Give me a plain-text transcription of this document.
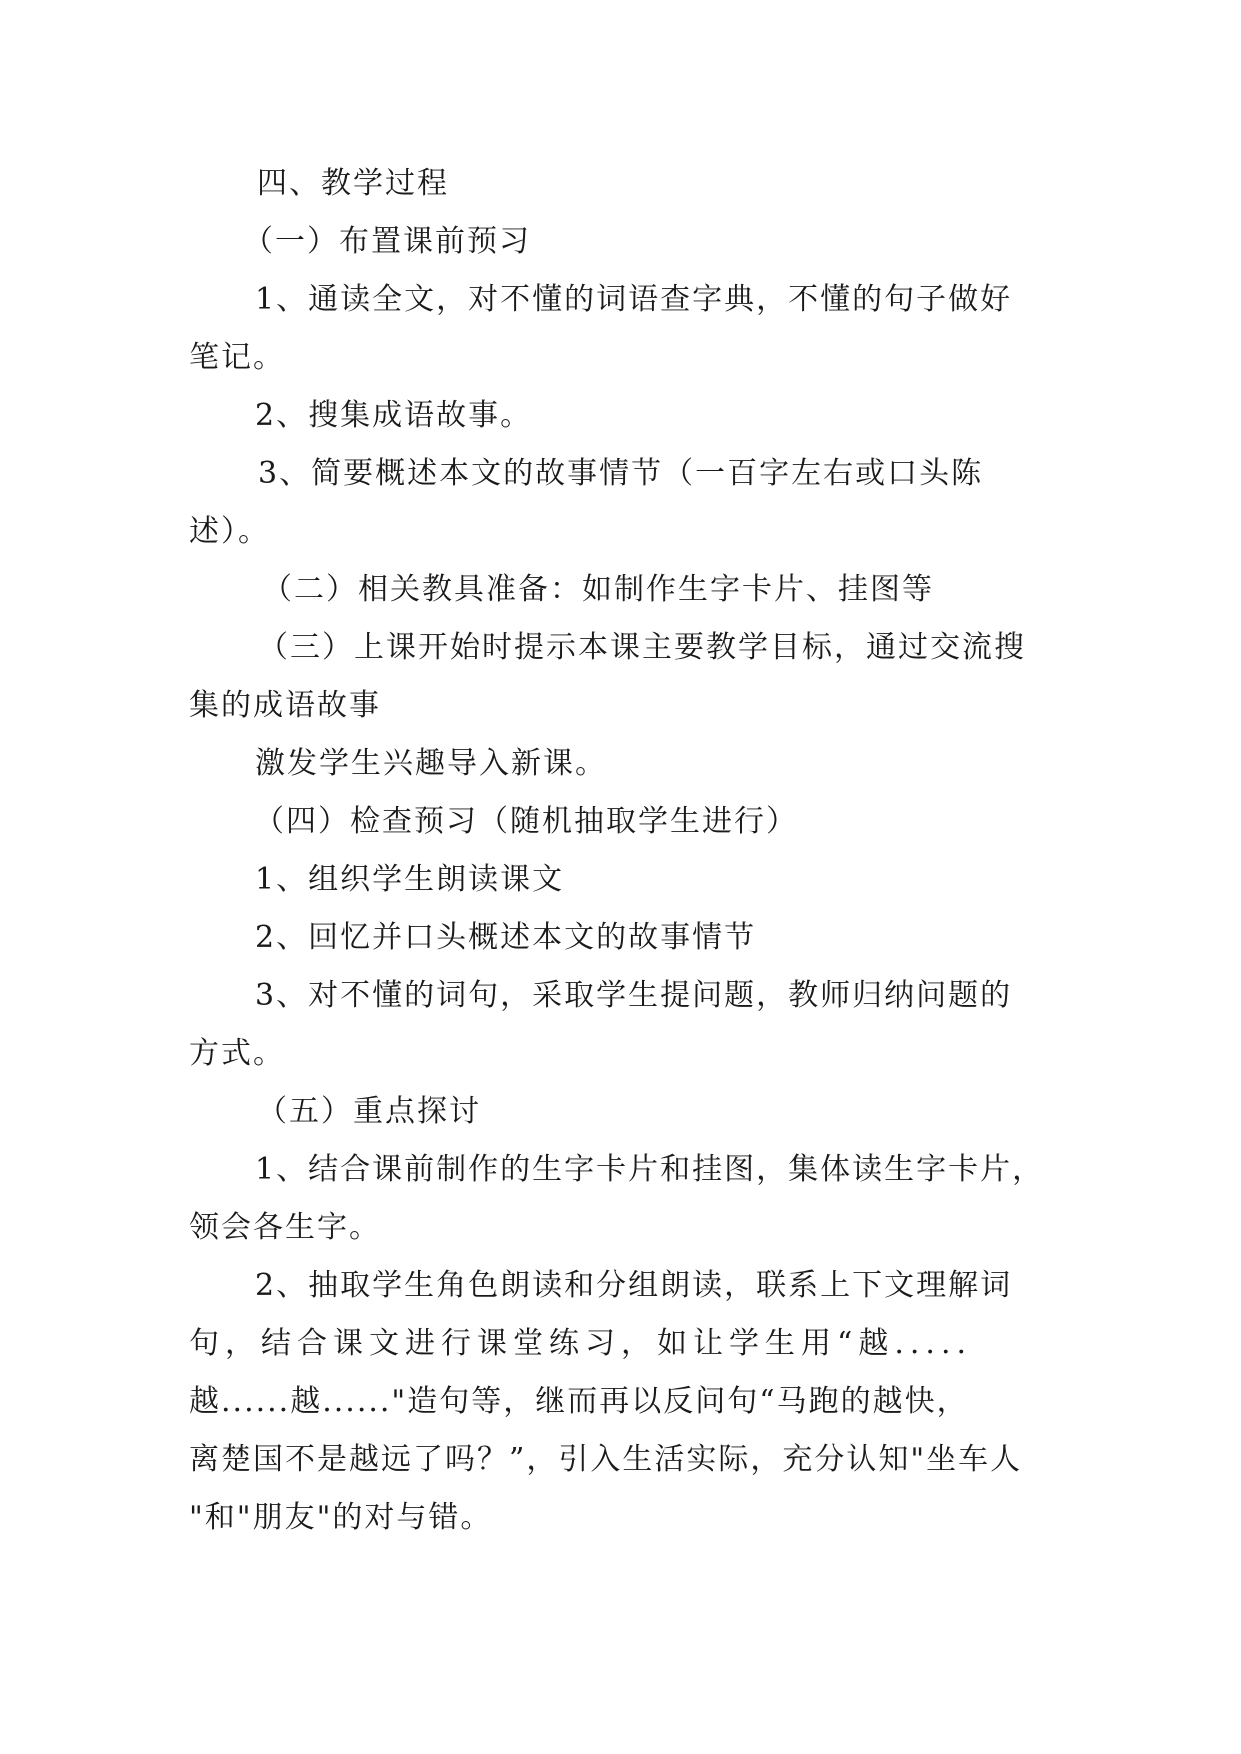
四、教学过程
（一）布置课前预习
1、通读全文，对不懂的词语查字典，不懂的句子做好
笔记。
2、搜集成语故事。
3、简要概述本文的故事情节（一百字左右或口头陈
述）。
（二）相关教具准备：如制作生字卡片、挂图等
（三）上课开始时提示本课主要教学目标，通过交流搜
集的成语故事
激发学生兴趣导入新课。
（四）检查预习（随机抽取学生进行）
1、组织学生朗读课文
2、回忆并口头概述本文的故事情节
3、对不懂的词句，采取学生提问题，教师归纳问题的
方式。
（五）重点探讨
1、结合课前制作的生字卡片和挂图，集体读生字卡片，
领会各生字。
2、抽取学生角色朗读和分组朗读，联系上下文理解词
句，结合课文进行课堂练习，如让学生用“越.....
越......越......"造句等，继而再以反问句“马跑的越快，
离楚国不是越远了吗？”，引入生活实际，充分认知"坐车人
"和"朋友"的对与错。
